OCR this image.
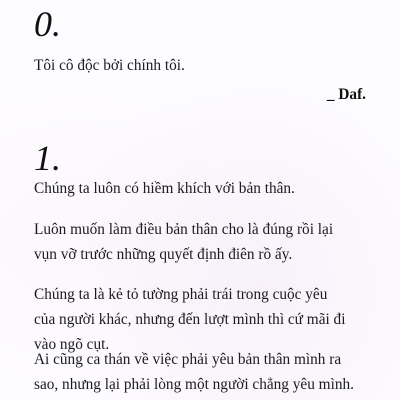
0.

Tôi cô độc bởi chính tôi.

_ Daf.

1.

Chúng ta luôn có hiềm khích với bản thân.

Luôn muốn làm điều bản thân cho là đúng rồi lại
vụn vỡ trước những quyết định điên rồ ấy.

Chúng ta là kẻ tỏ tường phải trái trong cuộc yêu
của người khác, nhưng đến lượt mình thì cứ mãi đi
vào ngõ cụt.

Ai cũng ca thán về việc phải yêu bản thân mình ra
sao, nhưng lại phải lòng một người chẳng yêu mình.
